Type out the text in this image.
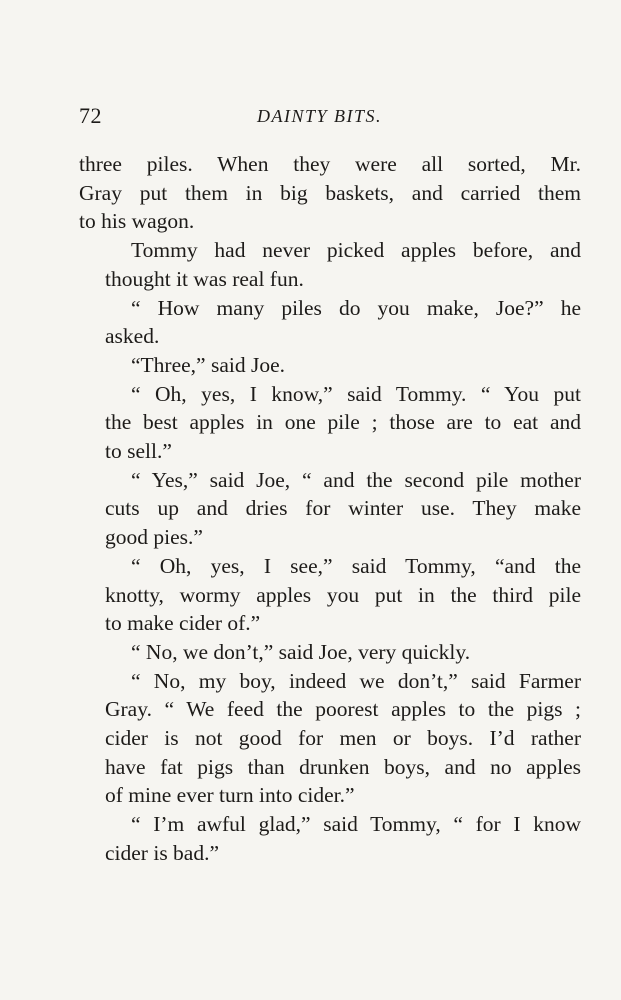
72	DAINTY BITS.
three piles. When they were all sorted, Mr.
Gray put them in big baskets, and carried them
to his wagon.
Tommy had never picked apples before, and
thought it was real fun.
“ How many piles do you make, Joe?” he
asked.
“Three,” said Joe.
“ Oh, yes, I know,” said Tommy. “ You put
the best apples in one pile ; those are to eat and
to sell.”
“ Yes,” said Joe, “ and the second pile mother
cuts up and dries for winter use. They make
good pies.”
“ Oh, yes, I see,” said Tommy, “and the
knotty, wormy apples you put in the third pile
to make cider of.”
“ No, we don’t,” said Joe, very quickly.
“ No, my boy, indeed we don’t,” said Farmer
Gray. “ We feed the poorest apples to the pigs ;
cider is not good for men or boys. I’d rather
have fat pigs than drunken boys, and no apples
of mine ever turn into cider.”
“ I’m awful glad,” said Tommy, “ for I know
cider is bad.”
